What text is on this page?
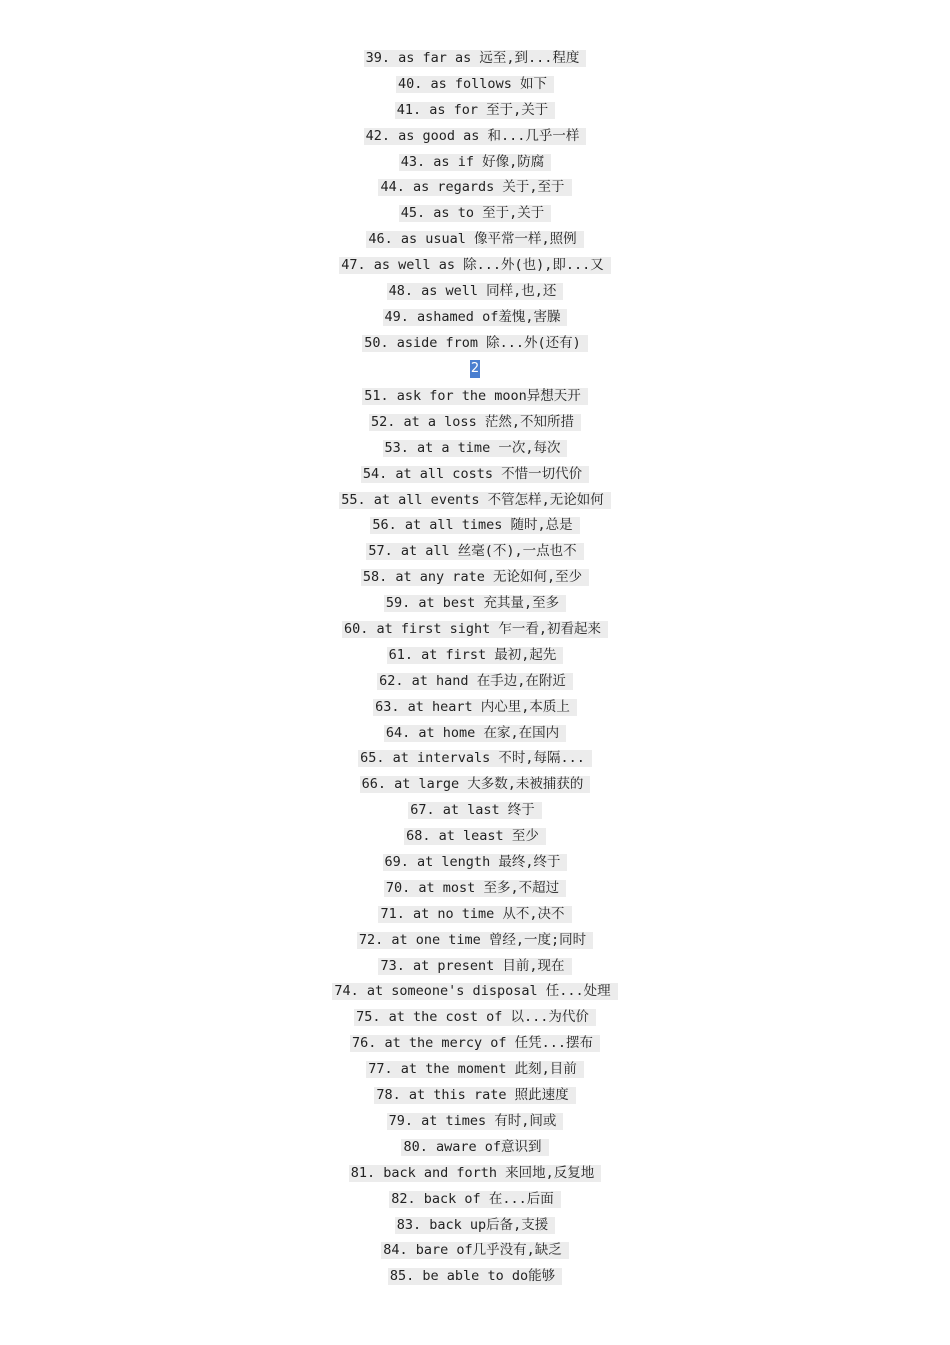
39. as far as 远至,到...程度
40. as follows 如下
41. as for 至于,关于
42. as good as 和...几乎一样
43. as if 好像,防腐
44. as regards 关于,至于
45. as to 至于,关于
46. as usual 像平常一样,照例
47. as well as 除...外(也),即...又
48. as well 同样,也,还
49. ashamed of羞愧,害臊
50. aside from 除...外(还有)
2
51. ask for the moon异想天开
52. at a loss 茫然,不知所措
53. at a time 一次,每次
54. at all costs 不惜一切代价
55. at all events 不管怎样,无论如何
56. at all times 随时,总是
57. at all 丝毫(不),一点也不
58. at any rate 无论如何,至少
59. at best 充其量,至多
60. at first sight 乍一看,初看起来
61. at first 最初,起先
62. at hand 在手边,在附近
63. at heart 内心里,本质上
64. at home 在家,在国内
65. at intervals 不时,每隔...
66. at large 大多数,未被捕获的
67. at last 终于
68. at least 至少
69. at length 最终,终于
70. at most 至多,不超过
71. at no time 从不,决不
72. at one time 曾经,一度;同时
73. at present 目前,现在
74. at someone's disposal 任...处理
75. at the cost of 以...为代价
76. at the mercy of 任凭...摆布
77. at the moment 此刻,目前
78. at this rate 照此速度
79. at times 有时,间或
80. aware of意识到
81. back and forth 来回地,反复地
82. back of 在...后面
83. back up后备,支援
84. bare of几乎没有,缺乏
85. be able to do能够
